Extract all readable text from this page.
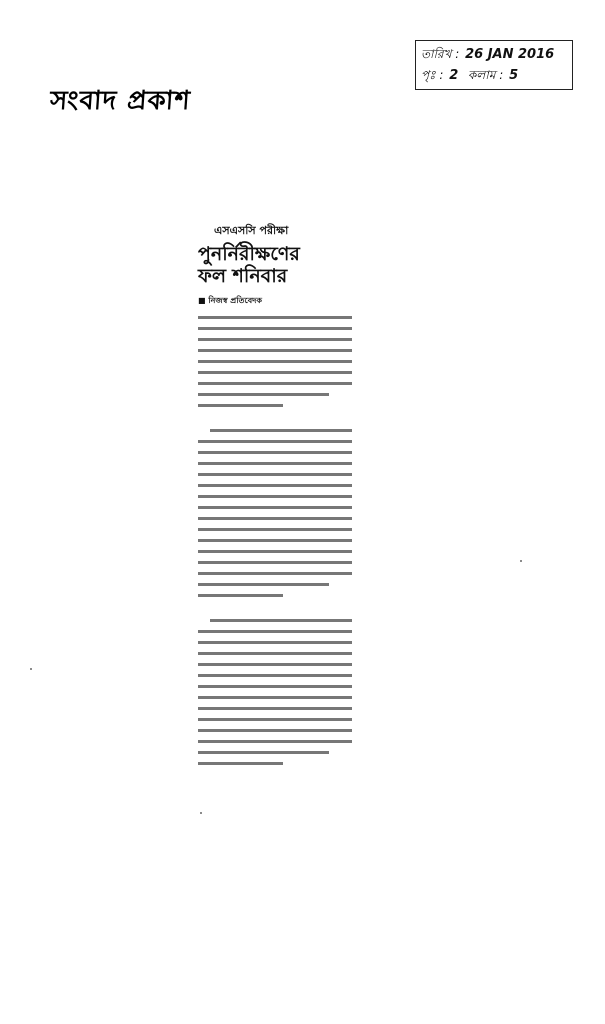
তারিখ : 26 JAN 2016
পৃঃ : 2 কলাম : 5
সংবাদ প্রকাশ
এসএসসি পরীক্ষা
পুনর্নিরীক্ষণের
ফল শনিবার
■ নিজস্ব প্রতিবেদক
